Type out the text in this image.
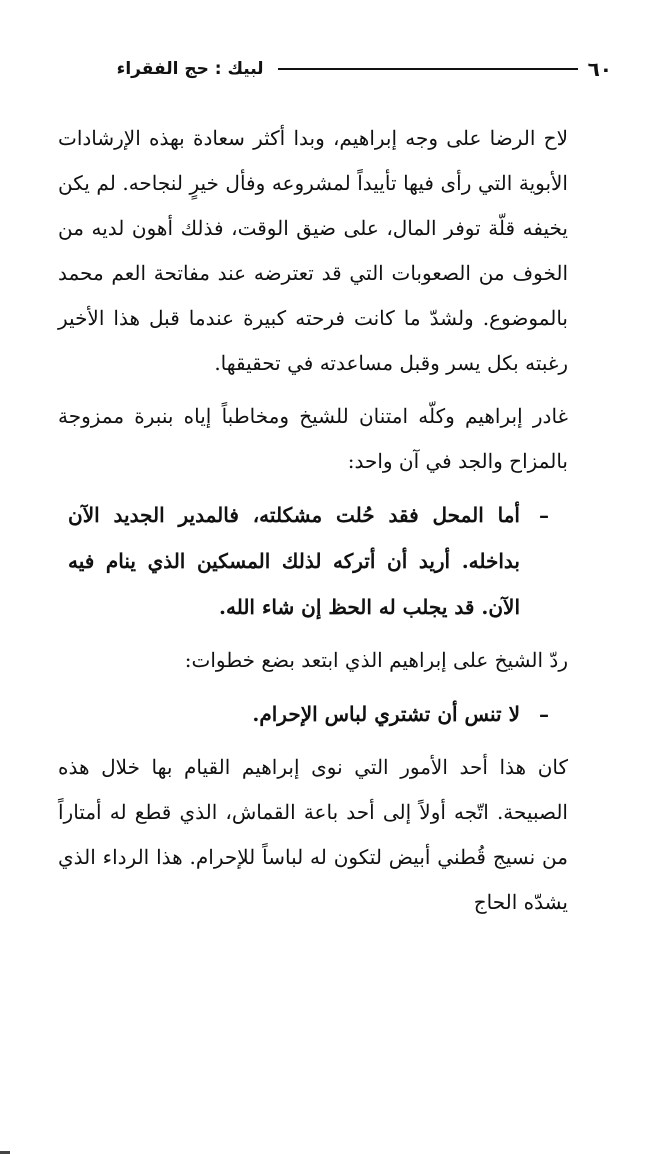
٦٠
لبيك : حج الفقراء

لاح الرضا على وجه إبراهيم، وبدا أكثر سعادة بهذه الإرشادات الأبوية التي رأى فيها تأييداً لمشروعه وفأل خيرٍ لنجاحه. لم يكن يخيفه قلّة توفر المال، على ضيق الوقت، فذلك أهون لديه من الخوف من الصعوبات التي قد تعترضه عند مفاتحة العم محمد بالموضوع. ولشدّ ما كانت فرحته كبيرة عندما قبل هذا الأخير رغبته بكل يسر وقبل مساعدته في تحقيقها.

غادر إبراهيم وكلّه امتنان للشيخ ومخاطباً إياه بنبرة ممزوجة بالمزاح والجد في آن واحد:

–
أما المحل فقد حُلت مشكلته، فالمدير الجديد الآن بداخله. أريد أن أتركه لذلك المسكين الذي ينام فيه الآن. قد يجلب له الحظ إن شاء الله.

ردّ الشيخ على إبراهيم الذي ابتعد بضع خطوات:

–
لا تنس أن تشتري لباس الإحرام.

كان هذا أحد الأمور التي نوى إبراهيم القيام بها خلال هذه الصبيحة. اتّجه أولاً إلى أحد باعة القماش، الذي قطع له أمتاراً من نسيج قُطني أبيض لتكون له لباساً للإحرام. هذا الرداء الذي يشدّه الحاج
